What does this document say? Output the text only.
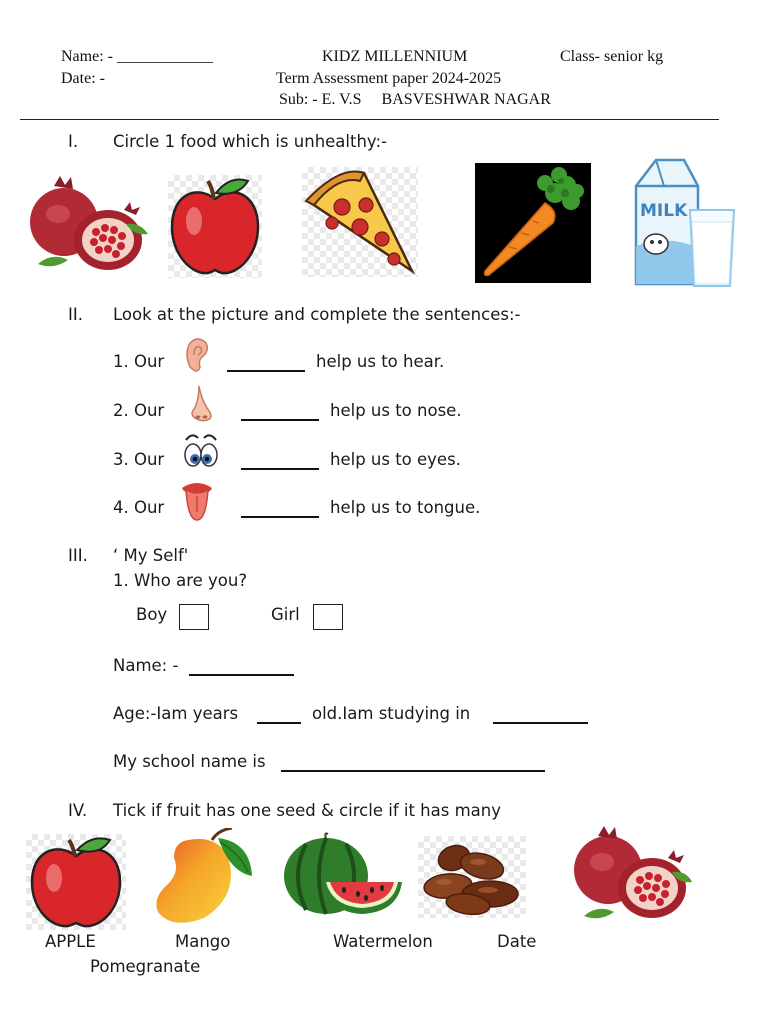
Name: - ____________	KIDZ MILLENNIUM	Class- senior kg
Date: -	Term Assessment paper 2024-2025
Sub: - E. V.S     BASVESHWAR NAGAR
I. Circle 1 food which is unhealthy:-
MILK
II. Look at the picture and complete the sentences:-
1. Our	help us to hear.
2. Our	help us to nose.
3. Our	help us to eyes.
4. Our	help us to tongue.
III. ‘ My Self'
1. Who are you?
Boy	Girl
Name: -
Age:-Iam years	old.Iam studying in
My school name is
IV. Tick if fruit has one seed & circle if it has many
APPLE	Mango	Watermelon	Date
Pomegranate
